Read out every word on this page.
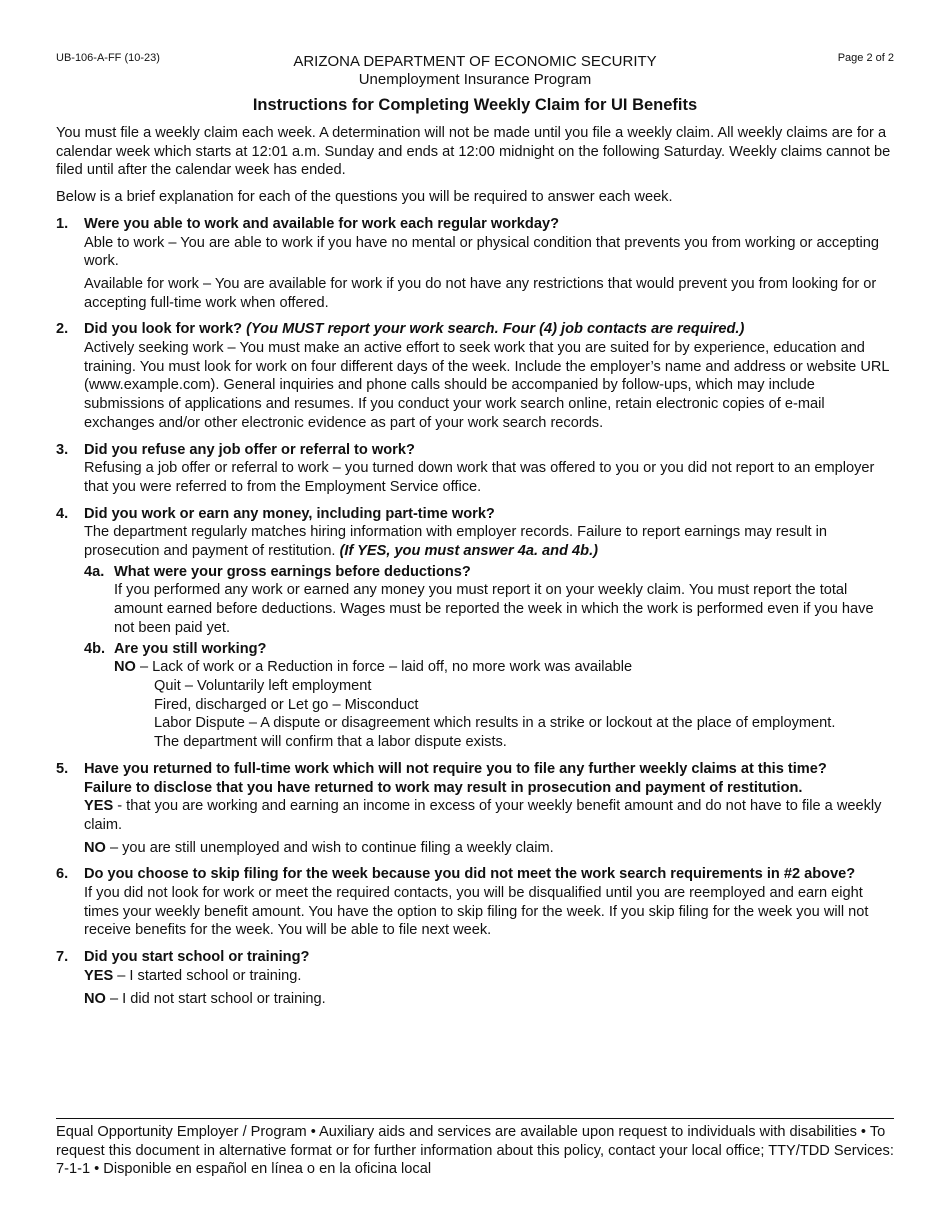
UB-106-A-FF (10-23)	Page 2 of 2
ARIZONA DEPARTMENT OF ECONOMIC SECURITY
Unemployment Insurance Program
Instructions for Completing Weekly Claim for UI Benefits

You must file a weekly claim each week. A determination will not be made until you file a weekly claim. All weekly claims are for a calendar week which starts at 12:01 a.m. Sunday and ends at 12:00 midnight on the following Saturday. Weekly claims cannot be filed until after the calendar week has ended.

Below is a brief explanation for each of the questions you will be required to answer each week.

1. Were you able to work and available for work each regular workday?

Able to work – You are able to work if you have no mental or physical condition that prevents you from working or accepting work.

Available for work – You are available for work if you do not have any restrictions that would prevent you from looking for or accepting full-time work when offered.

2. Did you look for work? (You MUST report your work search. Four (4) job contacts are required.)

Actively seeking work – You must make an active effort to seek work that you are suited for by experience, education and training. You must look for work on four different days of the week. Include the employer’s name and address or website URL (www.example.com). General inquiries and phone calls should be accompanied by follow-ups, which may include submissions of applications and resumes. If you conduct your work search online, retain electronic copies of e-mail exchanges and/or other electronic evidence as part of your work search records.

3. Did you refuse any job offer or referral to work?

Refusing a job offer or referral to work – you turned down work that was offered to you or you did not report to an employer that you were referred to from the Employment Service office.

4. Did you work or earn any money, including part-time work?

The department regularly matches hiring information with employer records. Failure to report earnings may result in prosecution and payment of restitution. (If YES, you must answer 4a. and 4b.)

4a. What were your gross earnings before deductions?

If you performed any work or earned any money you must report it on your weekly claim. You must report the total amount earned before deductions. Wages must be reported the week in which the work is performed even if you have not been paid yet.

4b. Are you still working?

NO – Lack of work or a Reduction in force – laid off, no more work was available

Quit – Voluntarily left employment

Fired, discharged or Let go – Misconduct

Labor Dispute – A dispute or disagreement which results in a strike or lockout at the place of employment.

The department will confirm that a labor dispute exists.

5. Have you returned to full-time work which will not require you to file any further weekly claims at this time?

Failure to disclose that you have returned to work may result in prosecution and payment of restitution.

YES - that you are working and earning an income in excess of your weekly benefit amount and do not have to file a weekly claim.

NO – you are still unemployed and wish to continue filing a weekly claim.

6. Do you choose to skip filing for the week because you did not meet the work search requirements in #2 above?

If you did not look for work or meet the required contacts, you will be disqualified until you are reemployed and earn eight times your weekly benefit amount. You have the option to skip filing for the week. If you skip filing for the week you will not receive benefits for the week. You will be able to file next week.

7. Did you start school or training?

YES – I started school or training.

NO – I did not start school or training.

Equal Opportunity Employer / Program • Auxiliary aids and services are available upon request to individuals with disabilities • To request this document in alternative format or for further information about this policy, contact your local office; TTY/TDD Services: 7-1-1 • Disponible en español en línea o en la oficina local
